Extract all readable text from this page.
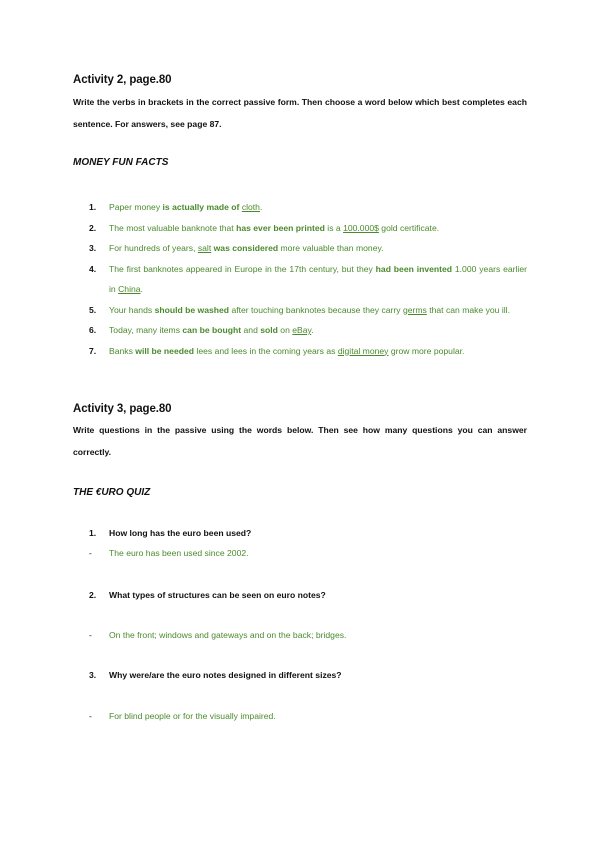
Activity 2, page.80
Write the verbs in brackets in the correct passive form. Then choose a word below which best completes each sentence. For answers, see page 87.
MONEY FUN FACTS
1. Paper money is actually made of cloth.
2. The most valuable banknote that has ever been printed is a 100.000$ gold certificate.
3. For hundreds of years, salt was considered more valuable than money.
4. The first banknotes appeared in Europe in the 17th century, but they had been invented 1.000 years earlier in China.
5. Your hands should be washed after touching banknotes because they carry germs that can make you ill.
6. Today, many items can be bought and sold on eBay.
7. Banks will be needed lees and lees in the coming years as digital money grow more popular.
Activity 3, page.80
Write questions in the passive using the words below. Then see how many questions you can answer correctly.
THE €URO QUIZ
1. How long has the euro been used?
- The euro has been used since 2002.
2. What types of structures can be seen on euro notes?
- On the front; windows and gateways and on the back; bridges.
3. Why were/are the euro notes designed in different sizes?
- For blind people or for the visually impaired.
